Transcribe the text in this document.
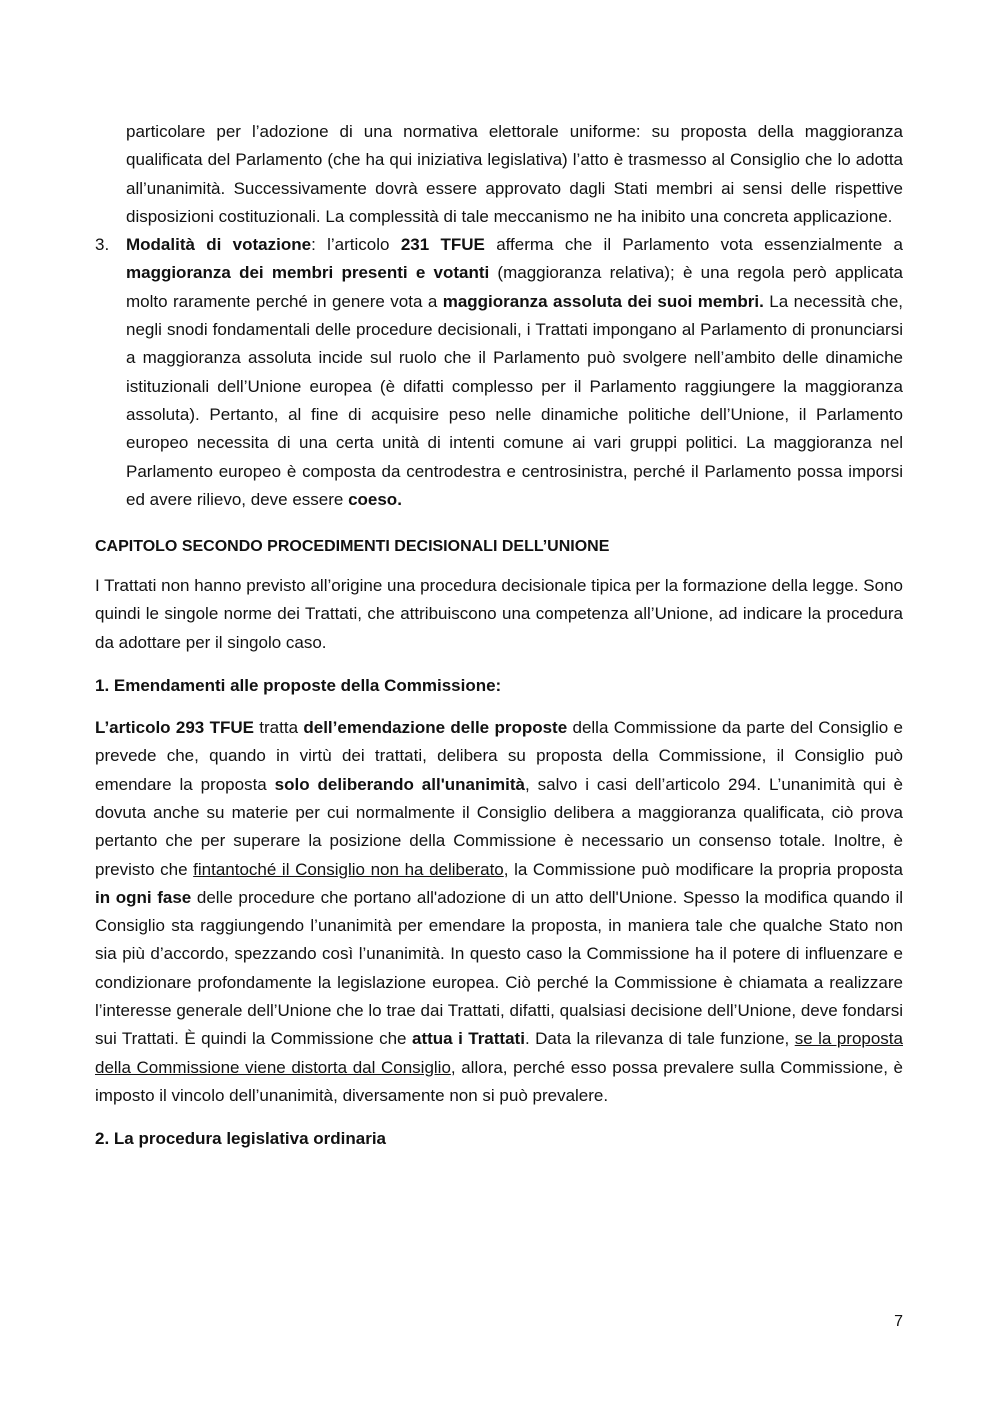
particolare per l’adozione di una normativa elettorale uniforme: su proposta della maggioranza qualificata del Parlamento (che ha qui iniziativa legislativa) l’atto è trasmesso al Consiglio che lo adotta all’unanimità. Successivamente dovrà essere approvato dagli Stati membri ai sensi delle rispettive disposizioni costituzionali. La complessità di tale meccanismo ne ha inibito una concreta applicazione.

3. Modalità di votazione: l’articolo 231 TFUE afferma che il Parlamento vota essenzialmente a maggioranza dei membri presenti e votanti (maggioranza relativa); è una regola però applicata molto raramente perché in genere vota a maggioranza assoluta dei suoi membri. La necessità che, negli snodi fondamentali delle procedure decisionali, i Trattati impongano al Parlamento di pronunciarsi a maggioranza assoluta incide sul ruolo che il Parlamento può svolgere nell’ambito delle dinamiche istituzionali dell’Unione europea (è difatti complesso per il Parlamento raggiungere la maggioranza assoluta). Pertanto, al fine di acquisire peso nelle dinamiche politiche dell’Unione, il Parlamento europeo necessita di una certa unità di intenti comune ai vari gruppi politici. La maggioranza nel Parlamento europeo è composta da centrodestra e centrosinistra, perché il Parlamento possa imporsi ed avere rilievo, deve essere coeso.

CAPITOLO SECONDO PROCEDIMENTI DECISIONALI DELL’UNIONE

I Trattati non hanno previsto all’origine una procedura decisionale tipica per la formazione della legge. Sono quindi le singole norme dei Trattati, che attribuiscono una competenza all’Unione, ad indicare la procedura da adottare per il singolo caso.

1. Emendamenti alle proposte della Commissione:

L’articolo 293 TFUE tratta dell’emendazione delle proposte della Commissione da parte del Consiglio e prevede che, quando in virtù dei trattati, delibera su proposta della Commissione, il Consiglio può emendare la proposta solo deliberando all'unanimità, salvo i casi dell’articolo 294. L’unanimità qui è dovuta anche su materie per cui normalmente il Consiglio delibera a maggioranza qualificata, ciò prova pertanto che per superare la posizione della Commissione è necessario un consenso totale. Inoltre, è previsto che fintantoché il Consiglio non ha deliberato, la Commissione può modificare la propria proposta in ogni fase delle procedure che portano all'adozione di un atto dell'Unione. Spesso la modifica quando il Consiglio sta raggiungendo l’unanimità per emendare la proposta, in maniera tale che qualche Stato non sia più d’accordo, spezzando così l’unanimità. In questo caso la Commissione ha il potere di influenzare e condizionare profondamente la legislazione europea. Ciò perché la Commissione è chiamata a realizzare l’interesse generale dell’Unione che lo trae dai Trattati, difatti, qualsiasi decisione dell’Unione, deve fondarsi sui Trattati. È quindi la Commissione che attua i Trattati. Data la rilevanza di tale funzione, se la proposta della Commissione viene distorta dal Consiglio, allora, perché esso possa prevalere sulla Commissione, è imposto il vincolo dell’unanimità, diversamente non si può prevalere.

2. La procedura legislativa ordinaria
7
